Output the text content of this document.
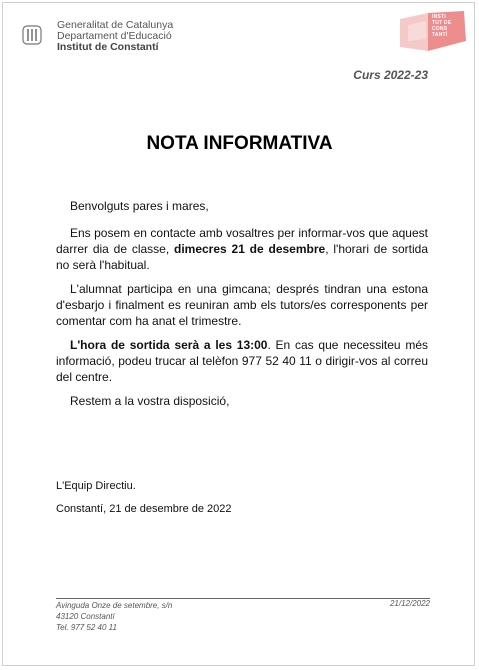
Generalitat de Catalunya
Departament d'Educació
Institut de Constantí
INSTI
TUT DE
CONS
TANTÍ
Curs 2022-23
NOTA INFORMATIVA

Benvolguts pares i mares,

Ens posem en contacte amb vosaltres per informar-vos que aquest darrer dia de classe, dimecres 21 de desembre, l'horari de sortida no serà l'habitual.

L'alumnat participa en una gimcana; després tindran una estona d'esbarjo i finalment es reuniran amb els tutors/es corresponents per comentar com ha anat el trimestre.

L'hora de sortida serà a les 13:00. En cas que necessiteu més informació, podeu trucar al telèfon 977 52 40 11 o dirigir-vos al correu del centre.

Restem a la vostra disposició,

L'Equip Directiu.
Constantí, 21 de desembre de 2022
Avinguda Onze de setembre, s/n
43120 Constantí
Tel. 977 52 40 11
21/12/2022
